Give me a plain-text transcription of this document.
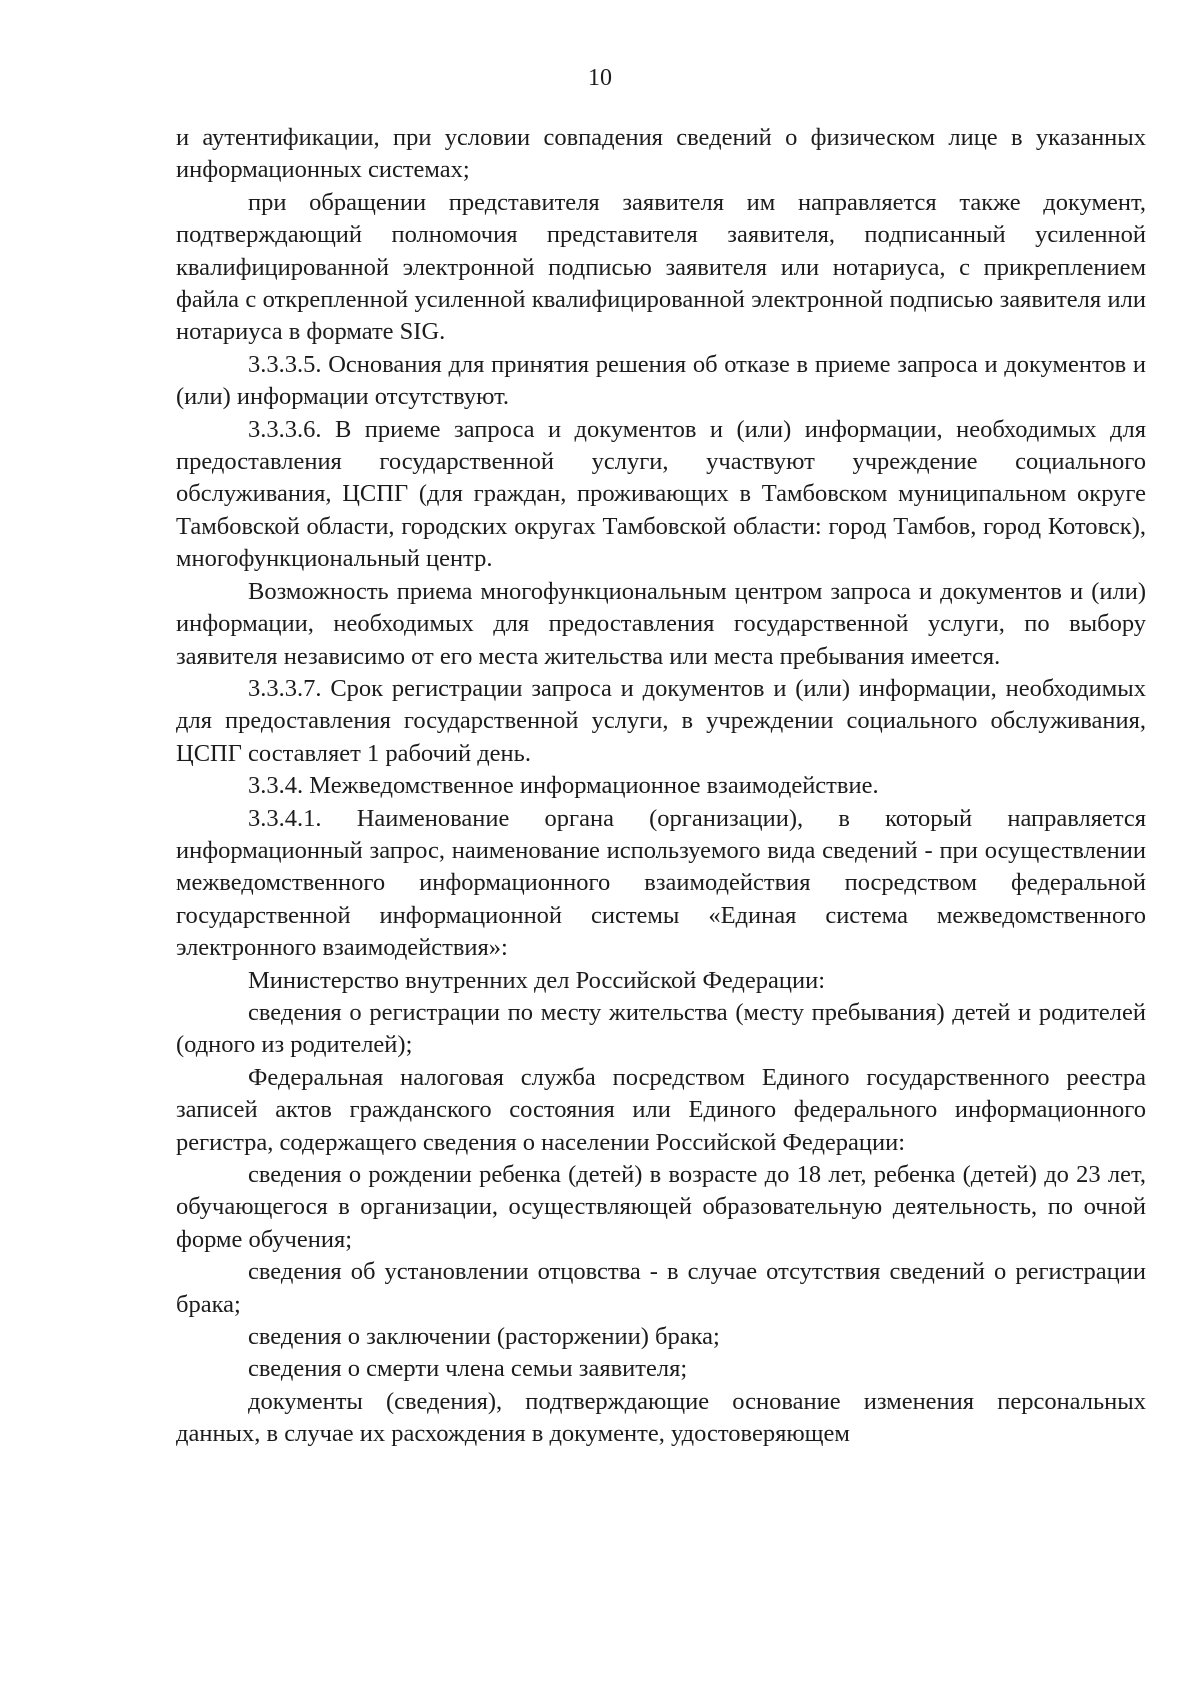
10

и аутентификации, при условии совпадения сведений о физическом лице в указанных информационных системах;

при обращении представителя заявителя им направляется также документ, подтверждающий полномочия представителя заявителя, подписанный усиленной квалифицированной электронной подписью заявителя или нотариуса, с прикреплением файла с открепленной усиленной квалифицированной электронной подписью заявителя или нотариуса в формате SIG.

3.3.3.5. Основания для принятия решения об отказе в приеме запроса и документов и (или) информации отсутствуют.

3.3.3.6. В приеме запроса и документов и (или) информации, необходимых для предоставления государственной услуги, участвуют учреждение социального обслуживания, ЦСПГ (для граждан, проживающих в Тамбовском муниципальном округе Тамбовской области, городских округах Тамбовской области: город Тамбов, город Котовск), многофункциональный центр.

Возможность приема многофункциональным центром запроса и документов и (или) информации, необходимых для предоставления государственной услуги, по выбору заявителя независимо от его места жительства или места пребывания имеется.

3.3.3.7. Срок регистрации запроса и документов и (или) информации, необходимых для предоставления государственной услуги, в учреждении социального обслуживания, ЦСПГ составляет 1 рабочий день.

3.3.4. Межведомственное информационное взаимодействие.

3.3.4.1. Наименование органа (организации), в который направляется информационный запрос, наименование используемого вида сведений - при осуществлении межведомственного информационного взаимодействия посредством федеральной государственной информационной системы «Единая система межведомственного электронного взаимодействия»:

Министерство внутренних дел Российской Федерации:

сведения о регистрации по месту жительства (месту пребывания) детей и родителей (одного из родителей);

Федеральная налоговая служба посредством Единого государственного реестра записей актов гражданского состояния или Единого федерального информационного регистра, содержащего сведения о населении Российской Федерации:

сведения о рождении ребенка (детей) в возрасте до 18 лет, ребенка (детей) до 23 лет, обучающегося в организации, осуществляющей образовательную деятельность, по очной форме обучения;

сведения об установлении отцовства - в случае отсутствия сведений о регистрации брака;

сведения о заключении (расторжении) брака;

сведения о смерти члена семьи заявителя;

документы (сведения), подтверждающие основание изменения персональных данных, в случае их расхождения в документе, удостоверяющем
